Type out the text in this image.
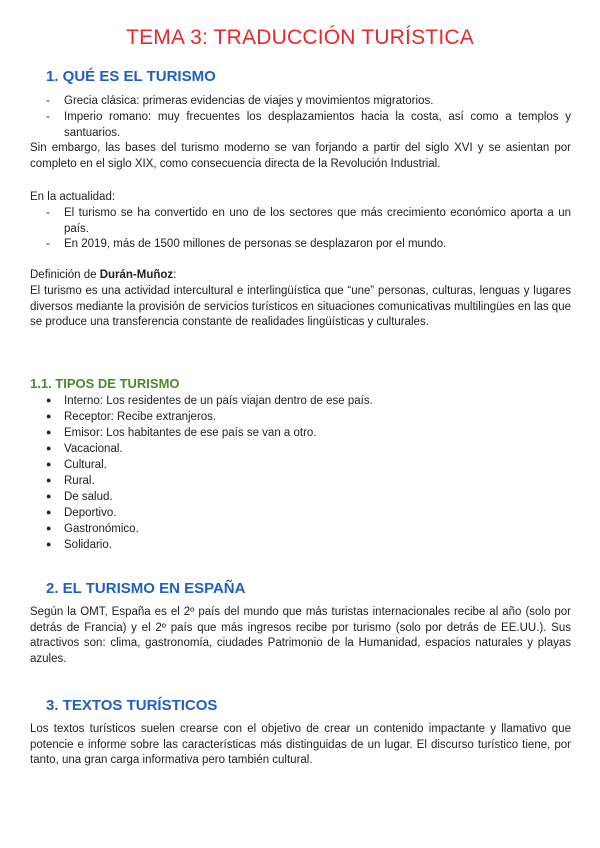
TEMA 3: TRADUCCIÓN TURÍSTICA
1. QUÉ ES EL TURISMO
- Grecia clásica: primeras evidencias de viajes y movimientos migratorios.
- Imperio romano: muy frecuentes los desplazamientos hacia la costa, así como a templos y santuarios.
Sin embargo, las bases del turismo moderno se van forjando a partir del siglo XVI y se asientan por completo en el siglo XIX, como consecuencia directa de la Revolución Industrial.
En la actualidad:
- El turismo se ha convertido en uno de los sectores que más crecimiento económico aporta a un país.
- En 2019, más de 1500 millones de personas se desplazaron por el mundo.
Definición de Durán-Muñoz:
El turismo es una actividad intercultural e interlingüística que “une” personas, culturas, lenguas y lugares diversos mediante la provisión de servicios turísticos en situaciones comunicativas multilingües en las que se produce una transferencia constante de realidades lingüísticas y culturales.
1.1. TIPOS DE TURISMO
● Interno: Los residentes de un país viajan dentro de ese país.
● Receptor: Recibe extranjeros.
● Emisor: Los habitantes de ese país se van a otro.
● Vacacional.
● Cultural.
● Rural.
● De salud.
● Deportivo.
● Gastronómico.
● Solidario.
2. EL TURISMO EN ESPAÑA
Según la OMT, España es el 2º país del mundo que más turistas internacionales recibe al año (solo por detrás de Francia) y el 2º país que más ingresos recibe por turismo (solo por detrás de EE.UU.). Sus atractivos son: clima, gastronomía, ciudades Patrimonio de la Humanidad, espacios naturales y playas azules.
3. TEXTOS TURÍSTICOS
Los textos turísticos suelen crearse con el objetivo de crear un contenido impactante y llamativo que potencie e informe sobre las características más distinguidas de un lugar. El discurso turístico tiene, por tanto, una gran carga informativa pero también cultural.
